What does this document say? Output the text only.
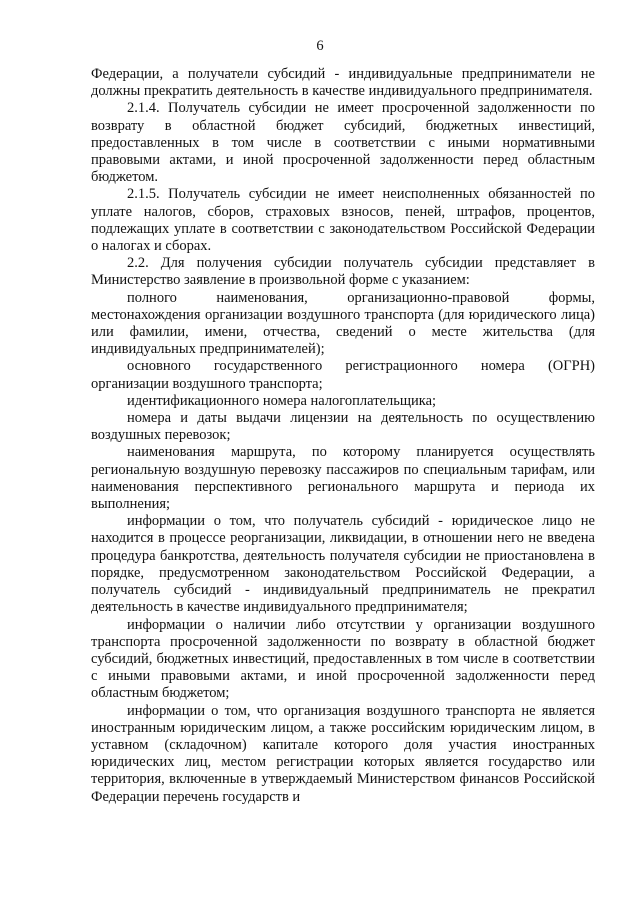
6

Федерации, а получатели субсидий - индивидуальные предприниматели не должны прекратить деятельность в качестве индивидуального предпринимателя.

2.1.4. Получатель субсидии не имеет просроченной задолженности по возврату в областной бюджет субсидий, бюджетных инвестиций, предоставленных в том числе в соответствии с иными нормативными правовыми актами, и иной просроченной задолженности перед областным бюджетом.

2.1.5. Получатель субсидии не имеет неисполненных обязанностей по уплате налогов, сборов, страховых взносов, пеней, штрафов, процентов, подлежащих уплате в соответствии с законодательством Российской Федерации о налогах и сборах.

2.2. Для получения субсидии получатель субсидии представляет в Министерство заявление в произвольной форме с указанием:

полного наименования, организационно-правовой формы, местонахождения организации воздушного транспорта (для юридического лица) или фамилии, имени, отчества, сведений о месте жительства (для индивидуальных предпринимателей);

основного государственного регистрационного номера (ОГРН) организации воздушного транспорта;

идентификационного номера налогоплательщика;

номера и даты выдачи лицензии на деятельность по осуществлению воздушных перевозок;

наименования маршрута, по которому планируется осуществлять региональную воздушную перевозку пассажиров по специальным тарифам, или наименования перспективного регионального маршрута и периода их выполнения;

информации о том, что получатель субсидий - юридическое лицо не находится в процессе реорганизации, ликвидации, в отношении него не введена процедура банкротства, деятельность получателя субсидии не приостановлена в порядке, предусмотренном законодательством Российской Федерации, а получатель субсидий - индивидуальный предприниматель не прекратил деятельность в качестве индивидуального предпринимателя;

информации о наличии либо отсутствии у организации воздушного транспорта просроченной задолженности по возврату в областной бюджет субсидий, бюджетных инвестиций, предоставленных в том числе в соответствии с иными правовыми актами, и иной просроченной задолженности перед областным бюджетом;

информации о том, что организация воздушного транспорта не является иностранным юридическим лицом, а также российским юридическим лицом, в уставном (складочном) капитале которого доля участия иностранных юридических лиц, местом регистрации которых является государство или территория, включенные в утверждаемый Министерством финансов Российской Федерации перечень государств и
